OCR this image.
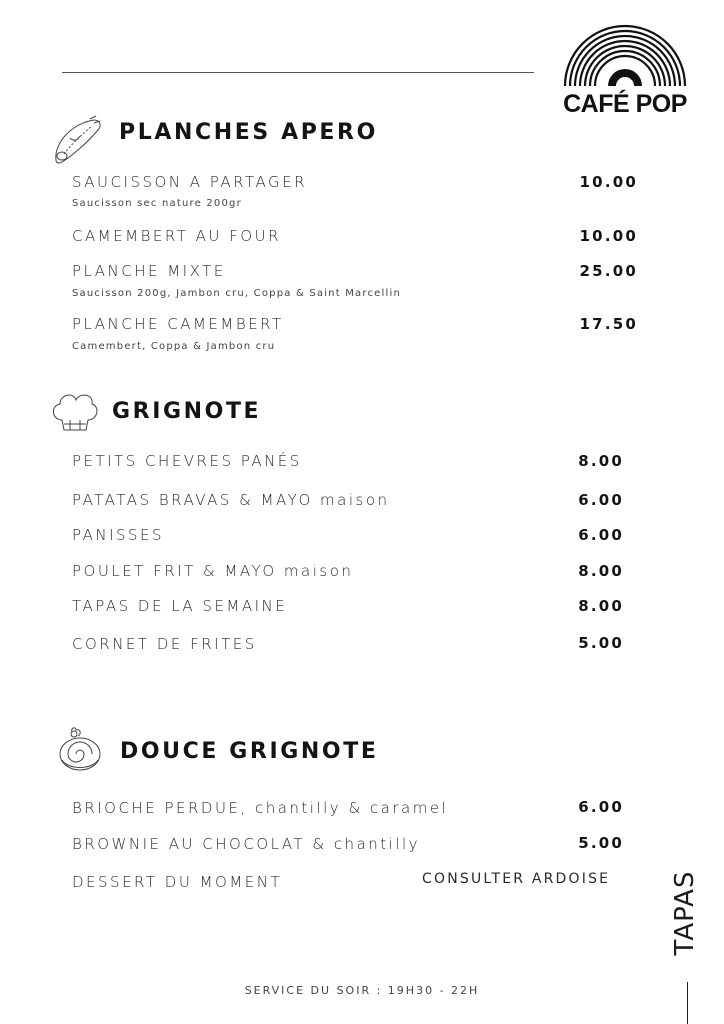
CAFÉ POP
PLANCHES APERO
SAUCISSON A PARTAGER	10.00
Saucisson sec nature 200gr
CAMEMBERT AU FOUR	10.00
PLANCHE MIXTE	25.00
Saucisson 200g, Jambon cru, Coppa & Saint Marcellin
PLANCHE CAMEMBERT	17.50
Camembert, Coppa & Jambon cru
GRIGNOTE
PETITS CHEVRES PANÉS	8.00
PATATAS BRAVAS & MAYO maison	6.00
PANISSES	6.00
POULET FRIT & MAYO maison	8.00
TAPAS DE LA SEMAINE	8.00
CORNET DE FRITES	5.00
DOUCE GRIGNOTE
BRIOCHE PERDUE, chantilly & caramel	6.00
BROWNIE AU CHOCOLAT & chantilly	5.00
DESSERT DU MOMENT	CONSULTER ARDOISE TAPAS
SERVICE DU SOIR : 19H30 - 22H
